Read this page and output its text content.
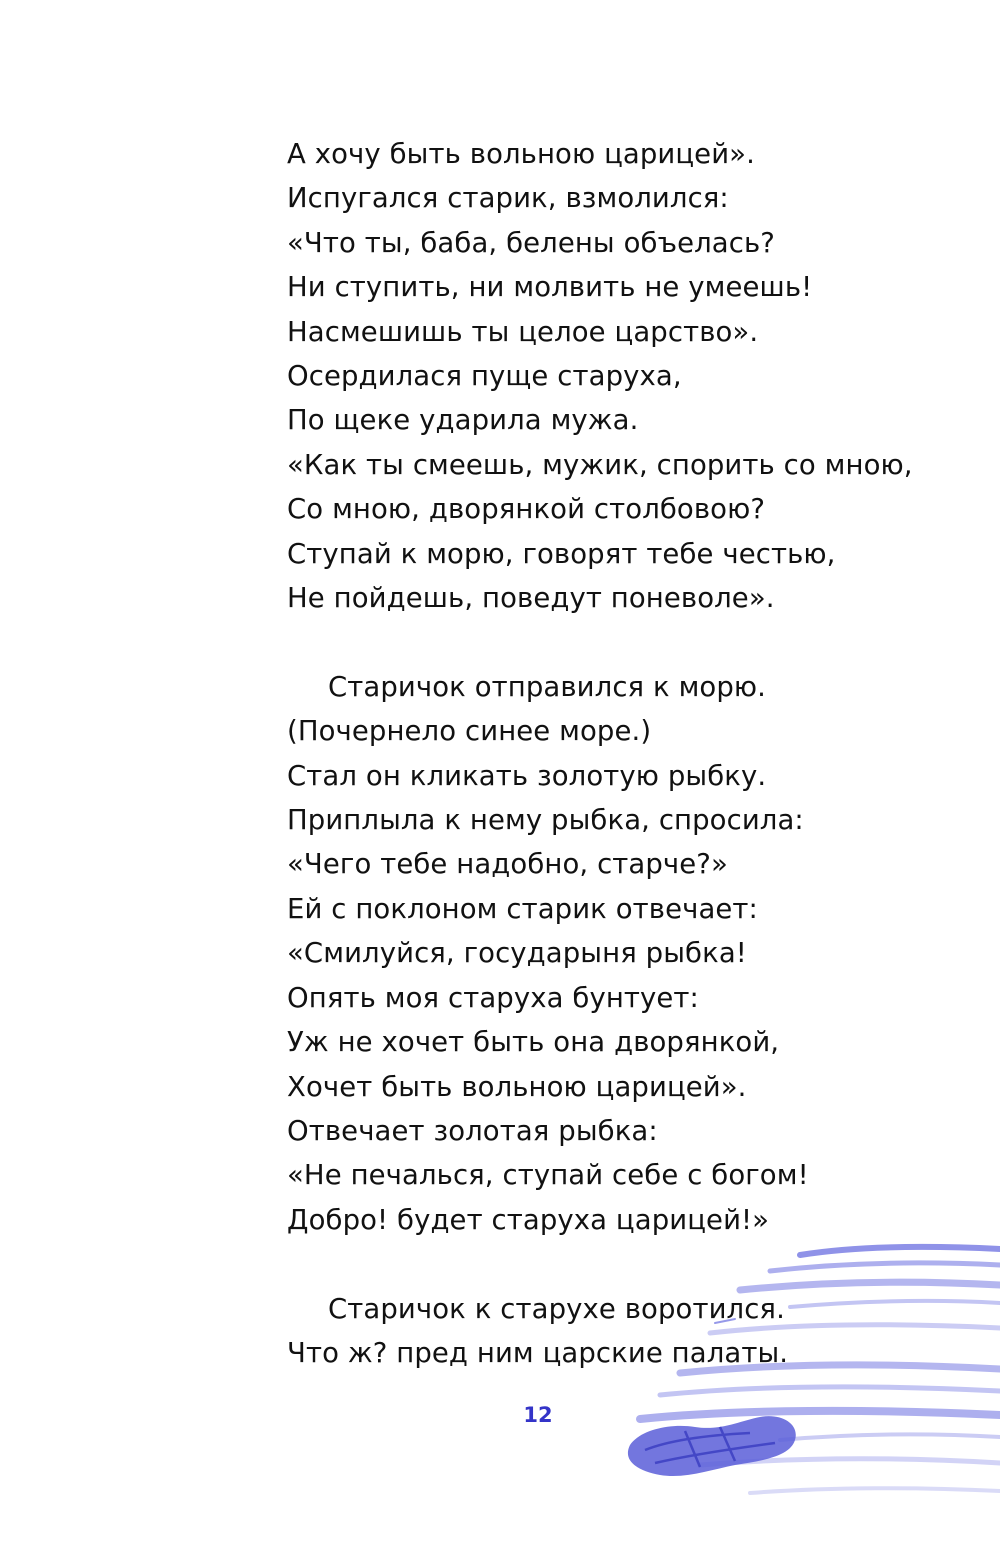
А хочу быть вольною царицей».
Испугался старик, взмолился:
«Что ты, баба, белены объелась?
Ни ступить, ни молвить не умеешь!
Насмешишь ты целое царство».
Осердилася пуще старуха,
По щеке ударила мужа.
«Как ты смеешь, мужик, спорить со мною,
Со мною, дворянкой столбовою?
Ступай к морю, говорят тебе честью,
Не пойдешь, поведут поневоле».
Старичок отправился к морю.
(Почернело синее море.)
Стал он кликать золотую рыбку.
Приплыла к нему рыбка, спросила:
«Чего тебе надобно, старче?»
Ей с поклоном старик отвечает:
«Смилуйся, государыня рыбка!
Опять моя старуха бунтует:
Уж не хочет быть она дворянкой,
Хочет быть вольною царицей».
Отвечает золотая рыбка:
«Не печалься, ступай себе с богом!
Добро! будет старуха царицей!»
Старичок к старухе воротился.
Что ж? пред ним царские палаты.
12
